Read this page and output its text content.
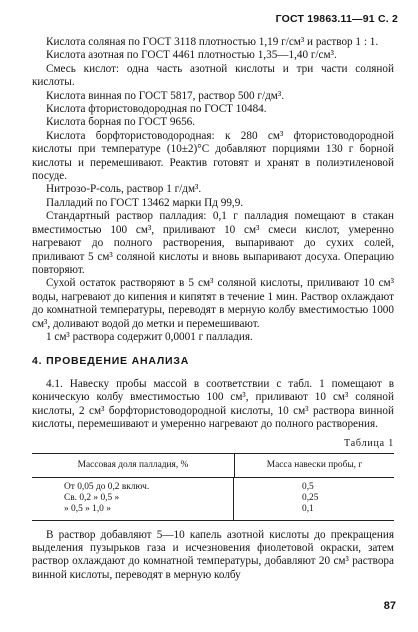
ГОСТ 19863.11—91 С. 2

Кислота соляная по ГОСТ 3118 плотностью 1,19 г/см³ и раствор 1 : 1.

Кислота азотная по ГОСТ 4461 плотностью 1,35—1,40 г/см³.

Смесь кислот: одна часть азотной кислоты и три части соляной кислоты.

Кислота винная по ГОСТ 5817, раствор 500 г/дм³.

Кислота фтористоводородная по ГОСТ 10484.

Кислота борная по ГОСТ 9656.

Кислота борфтористоводородная: к 280 см³ фтористоводородной кислоты при температуре (10±2)°С добавляют порциями 130 г борной кислоты и перемешивают. Реактив готовят и хранят в полиэтиленовой посуде.

Нитрозо-Р-соль, раствор 1 г/дм³.

Палладий по ГОСТ 13462 марки Пд 99,9.

Стандартный раствор палладия: 0,1 г палладия помещают в стакан вместимостью 100 см³, приливают 10 см³ смеси кислот, умеренно нагревают до полного растворения, выпаривают до сухих солей, приливают 5 см³ соляной кислоты и вновь выпаривают досуха. Операцию повторяют.

Сухой остаток растворяют в 5 см³ соляной кислоты, приливают 10 см³ воды, нагревают до кипения и кипятят в течение 1 мин. Раствор охлаждают до комнатной температуры, переводят в мерную колбу вместимостью 1000 см³, доливают водой до метки и перемешивают.

1 см³ раствора содержит 0,0001 г палладия.

4. ПРОВЕДЕНИЕ АНАЛИЗА

4.1. Навеску пробы массой в соответствии с табл. 1 помещают в коническую колбу вместимостью 100 см³, приливают 10 см³ соляной кислоты, 2 см³ борфтористоводородной кислоты, 10 см³ раствора винной кислоты, перемешивают и умеренно нагревают до полного растворения.

Таблица 1

Массовая доля палладия, %	Масса навески пробы, г
От 0,05 до 0,2 включ.	0,5
Св. 0,2 » 0,5 »	0,25
» 0,5 » 1,0 »	0,1

В раствор добавляют 5—10 капель азотной кислоты до прекращения выделения пузырьков газа и исчезновения фиолетовой окраски, затем раствор охлаждают до комнатной температуры, добавляют 20 см³ раствора винной кислоты, переводят в мерную колбу

87
